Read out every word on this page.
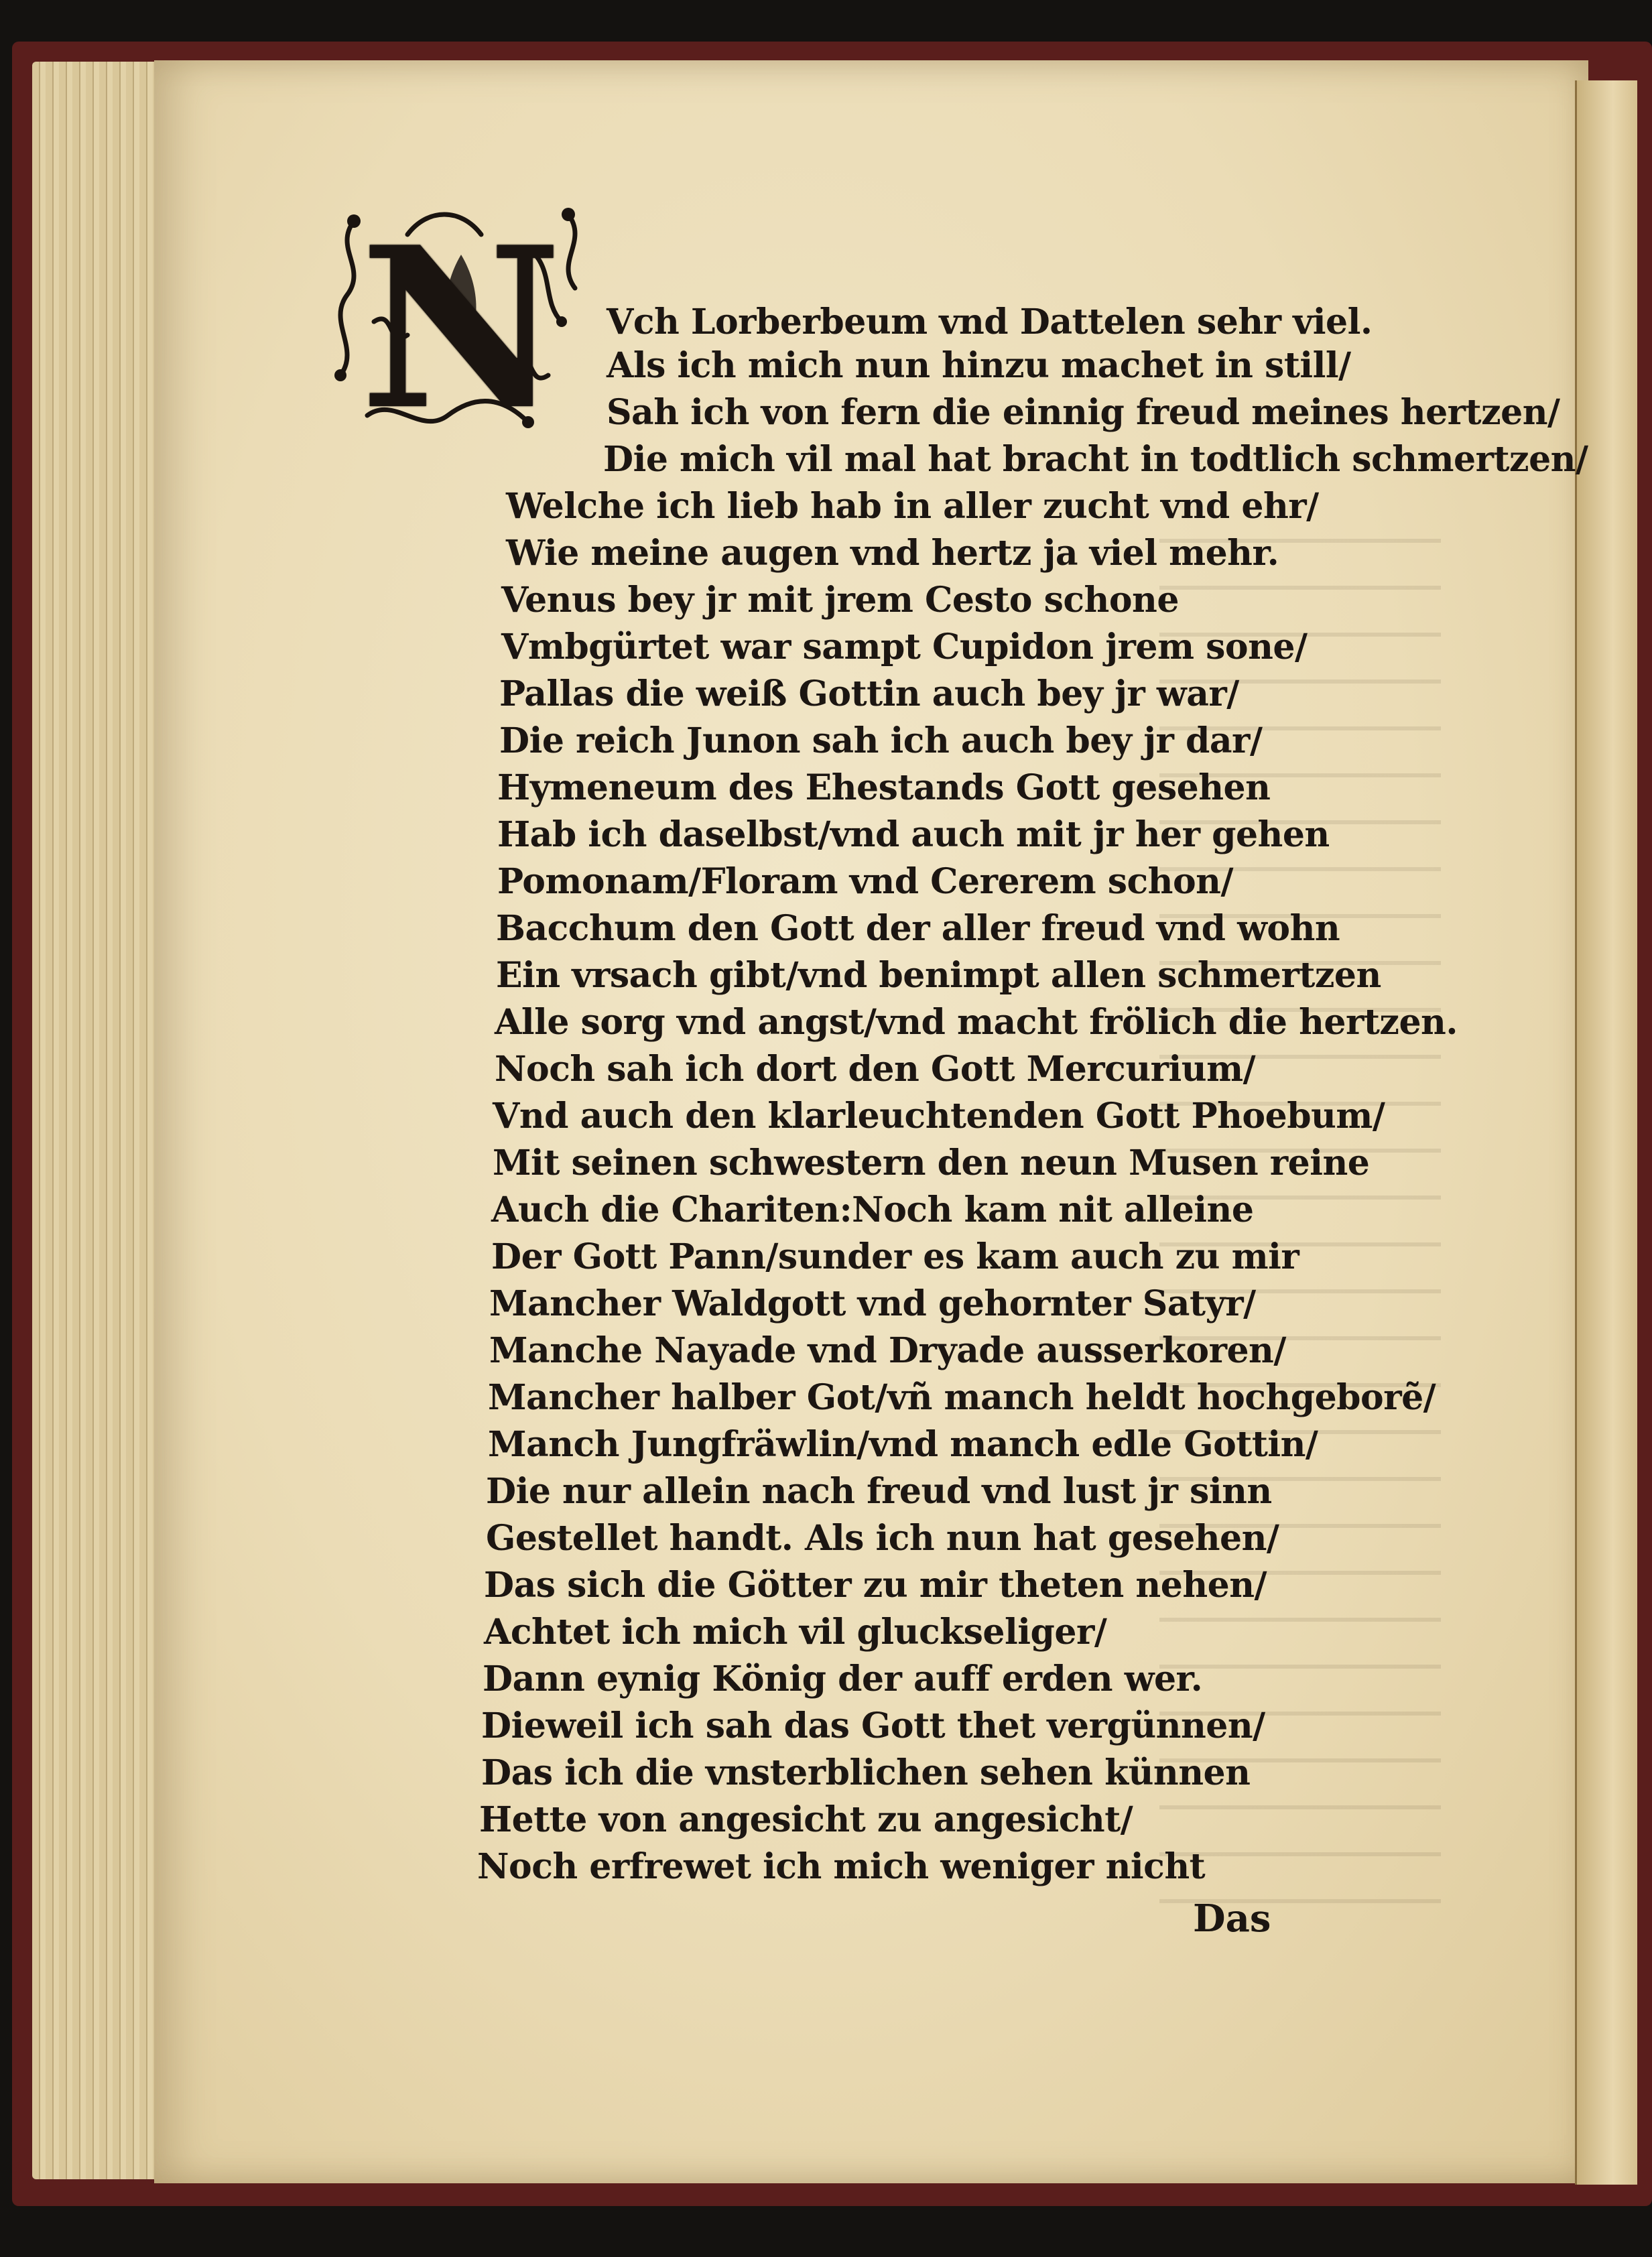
N	Vch Lorberbeum vnd Dattelen sehr viel.
Als ich mich nun hinzu machet in still/
Sah ich von fern die einnig freud meines hertzen/
Die mich vil mal hat bracht in todtlich schmertzen/
Welche ich lieb hab in aller zucht vnd ehr/
Wie meine augen vnd hertz ja viel mehr.
Venus bey jr mit jrem Cesto schone
Vmbgürtet war sampt Cupidon jrem sone/
Pallas die weiß Gottin auch bey jr war/
Die reich Junon sah ich auch bey jr dar/
Hymeneum des Ehestands Gott gesehen
Hab ich daselbst/vnd auch mit jr her gehen
Pomonam/Floram vnd Cererem schon/
Bacchum den Gott der aller freud vnd wohn
Ein vrsach gibt/vnd benimpt allen schmertzen
Alle sorg vnd angst/vnd macht frölich die hertzen.
Noch sah ich dort den Gott Mercurium/
Vnd auch den klarleuchtenden Gott Phoebum/
Mit seinen schwestern den neun Musen reine
Auch die Chariten:Noch kam nit alleine
Der Gott Pann/sunder es kam auch zu mir
Mancher Waldgott vnd gehornter Satyr/
Manche Nayade vnd Dryade ausserkoren/
Mancher halber Got/vñ manch heldt hochgeborẽ/
Manch Jungfräwlin/vnd manch edle Gottin/
Die nur allein nach freud vnd lust jr sinn
Gestellet handt. Als ich nun hat gesehen/
Das sich die Götter zu mir theten nehen/
Achtet ich mich vil gluckseliger/
Dann eynig König der auff erden wer.
Dieweil ich sah das Gott thet vergünnen/
Das ich die vnsterblichen sehen künnen
Hette von angesicht zu angesicht/
Noch erfrewet ich mich weniger nicht
Das
